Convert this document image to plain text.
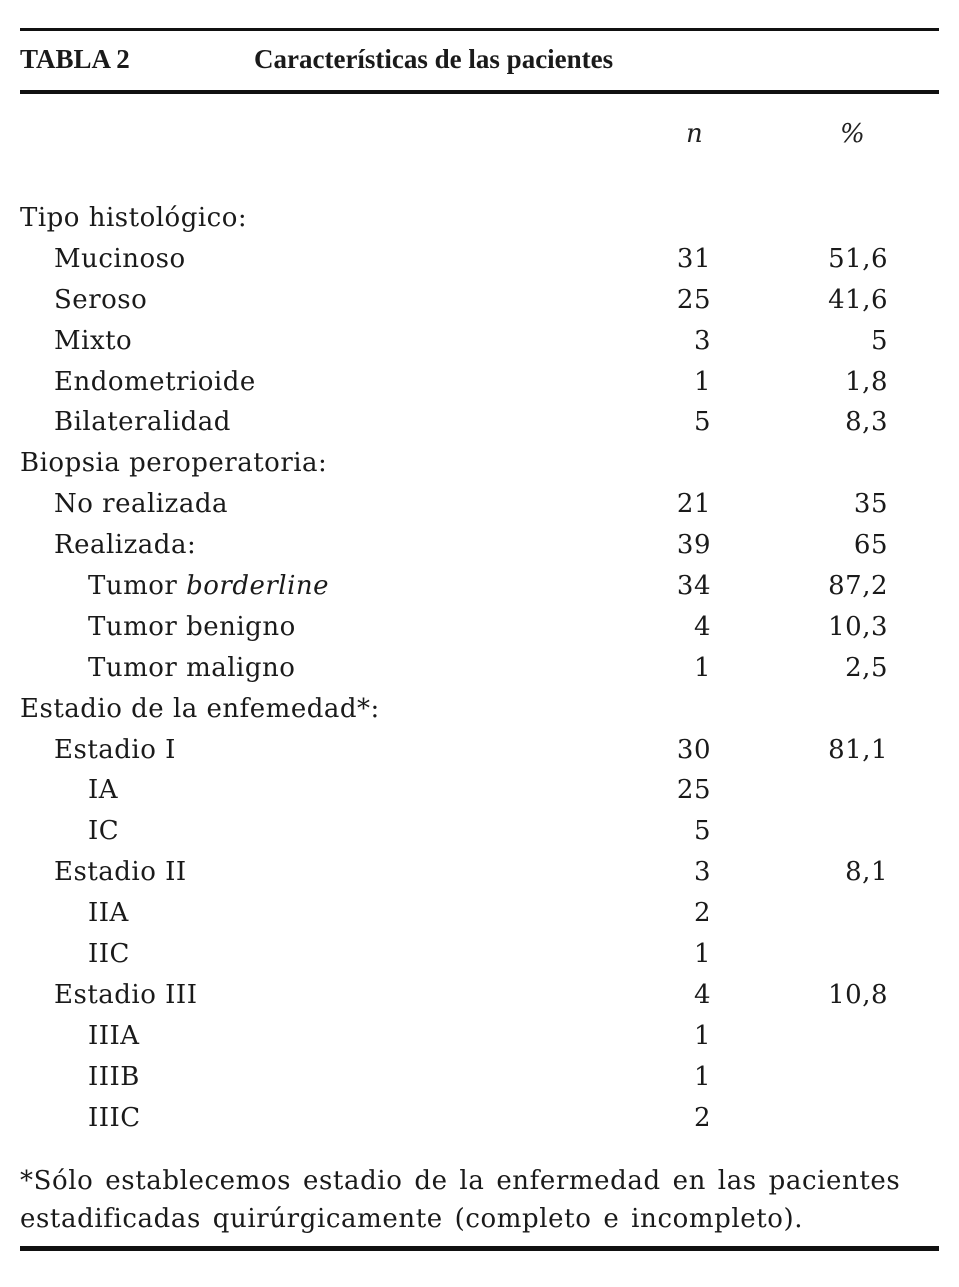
TABLA 2	Características de las pacientes
n	%
Tipo histológico:
Mucinoso	31	51,6
Seroso	25	41,6
Mixto	3	5
Endometrioide	1	1,8
Bilateralidad	5	8,3
Biopsia peroperatoria:
No realizada	21	35
Realizada:	39	65
Tumor borderline	34	87,2
Tumor benigno	4	10,3
Tumor maligno	1	2,5
Estadio de la enfemedad*:
Estadio I	30	81,1
IA	25
IC	5
Estadio II	3	8,1
IIA	2
IIC	1
Estadio III	4	10,8
IIIA	1
IIIB	1
IIIC	2
*Sólo establecemos estadio de la enfermedad en las pacientes estadificadas quirúrgicamente (completo e incompleto).
